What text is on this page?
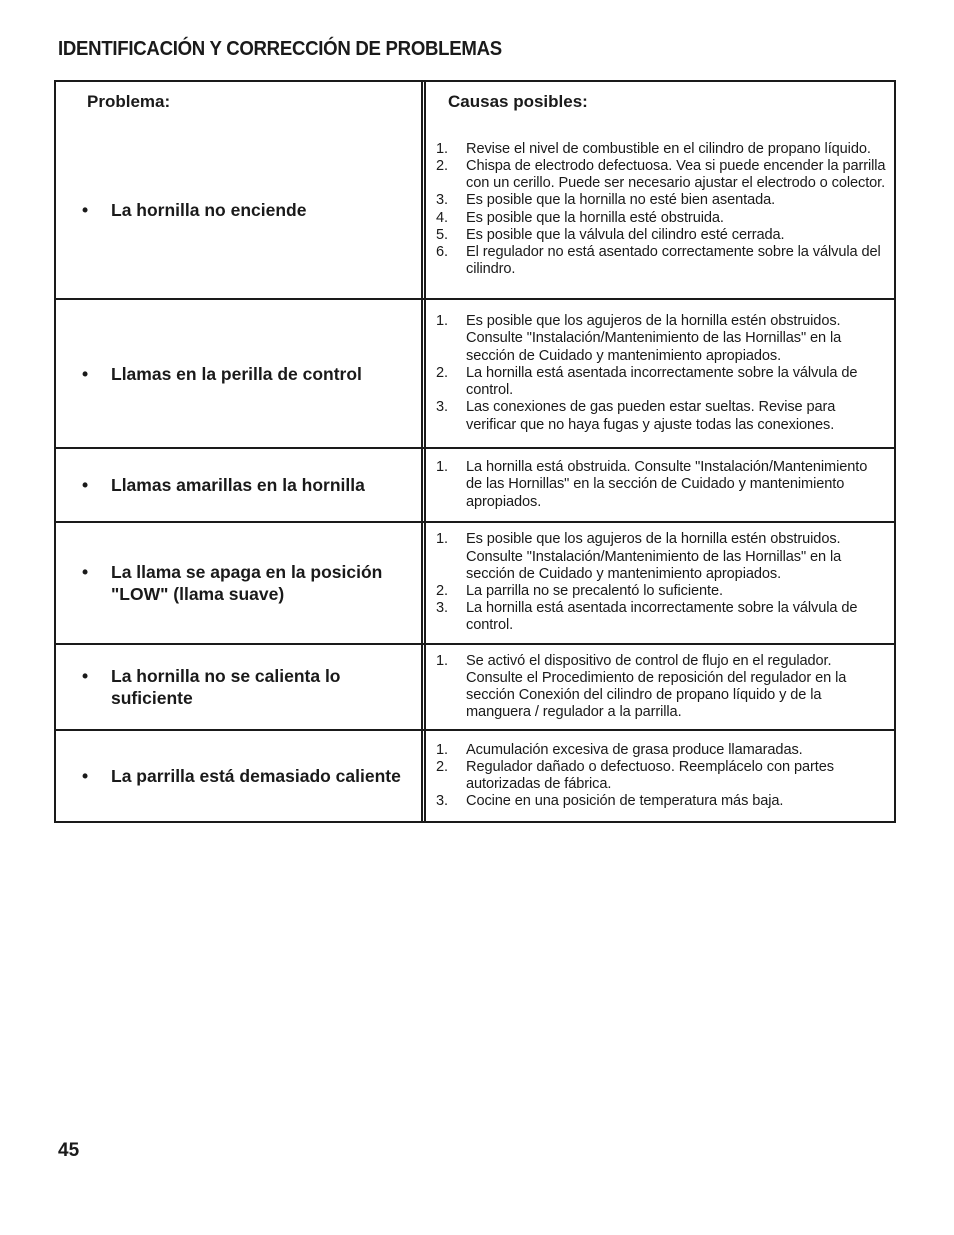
IDENTIFICACIÓN Y CORRECCIÓN DE PROBLEMAS
Problema:	Causas posibles:
•	La hornilla no enciende
1.	Revise el nivel de combustible en el cilindro de propano líquido.
2.	Chispa de electrodo defectuosa. Vea si puede encender la parrilla con un cerillo. Puede ser necesario ajustar el electrodo o colector.
3.	Es posible que la hornilla no esté bien asentada.
4.	Es posible que la hornilla esté obstruida.
5.	Es posible que la válvula del cilindro esté cerrada.
6.	El regulador no está asentado correctamente sobre la válvula del cilindro.
•	Llamas en la perilla de control
1.	Es posible que los agujeros de la hornilla estén obstruidos. Consulte "Instalación/Mantenimiento de las Hornillas" en la sección de Cuidado y mantenimiento apropiados.
2.	La hornilla está asentada incorrectamente sobre la válvula de control.
3.	Las conexiones de gas pueden estar sueltas. Revise para verificar que no haya fugas y ajuste todas las conexiones.
•	Llamas amarillas en la hornilla
1.	La hornilla está obstruida. Consulte "Instalación/Mantenimiento de las Hornillas" en la sección de Cuidado y mantenimiento apropiados.
•	La llama se apaga en la posición "LOW" (llama suave)
1.	Es posible que los agujeros de la hornilla estén obstruidos. Consulte "Instalación/Mantenimiento de las Hornillas" en la sección de Cuidado y mantenimiento apropiados.
2.	La parrilla no se precalentó lo suficiente.
3.	La hornilla está asentada incorrectamente sobre la válvula de control.
•	La hornilla no se calienta lo suficiente
1.	Se activó el dispositivo de control de flujo en el regulador. Consulte el Procedimiento de reposición del regulador en la sección Conexión del cilindro de propano líquido y de la manguera / regulador a la parrilla.
•	La parrilla está demasiado caliente
1.	Acumulación excesiva de grasa produce llamaradas.
2.	Regulador dañado o defectuoso. Reemplácelo con partes autorizadas de fábrica.
3.	Cocine en una posición de temperatura más baja.
45
